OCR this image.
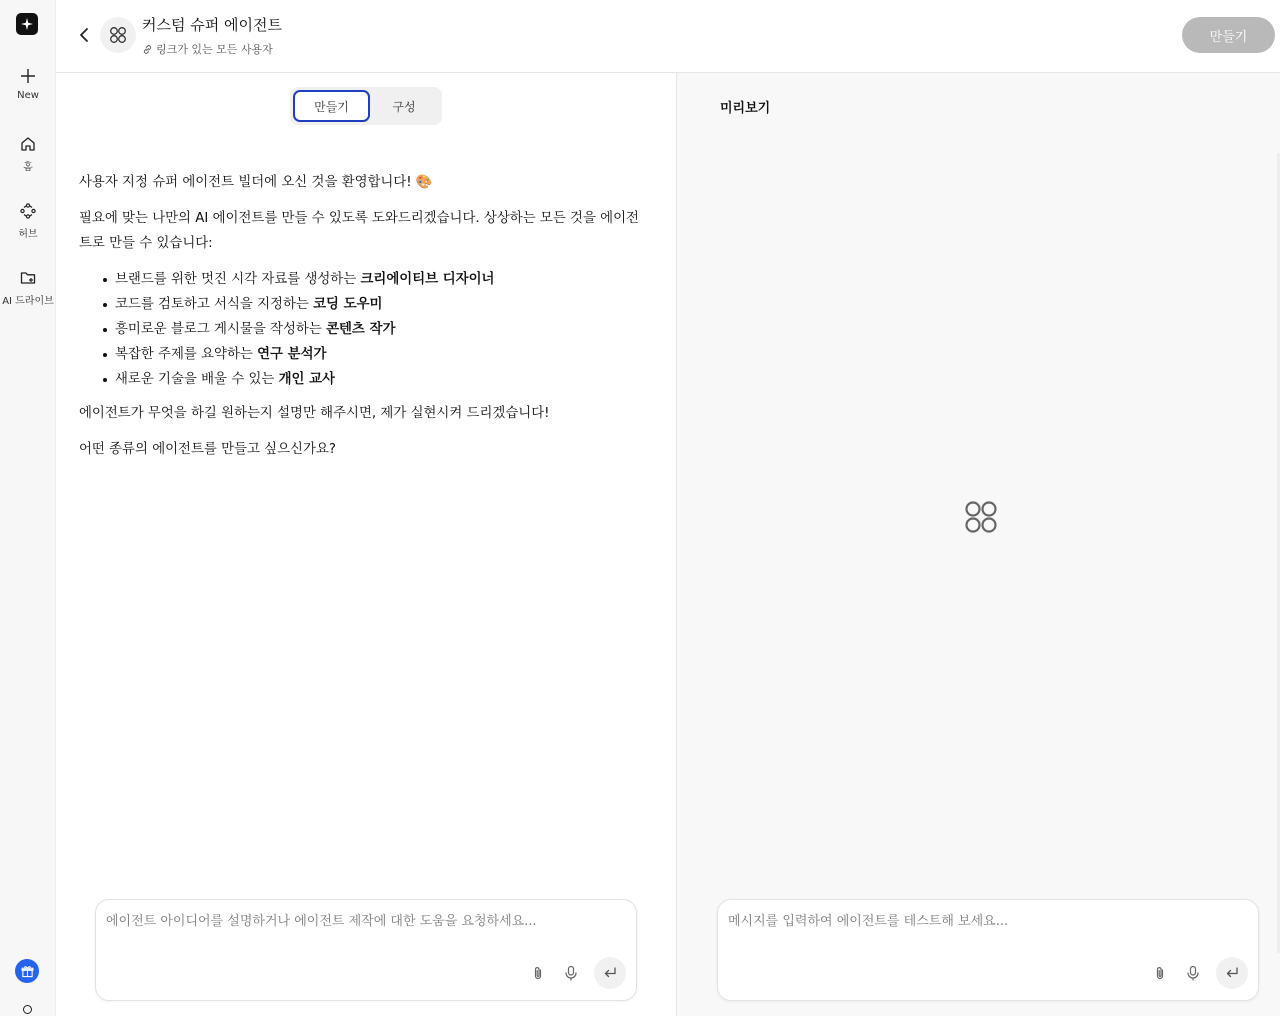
New
홈
허브
AI 드라이브
커스텀 슈퍼 에이전트
링크가 있는 모든 사용자
만들기
만들기	구성

사용자 지정 슈퍼 에이전트 빌더에 오신 것을 환영합니다! 🎨

필요에 맞는 나만의 AI 에이전트를 만들 수 있도록 도와드리겠습니다. 상상하는 모든 것을 에이전트로 만들 수 있습니다:

브랜드를 위한 멋진 시각 자료를 생성하는 크리에이티브 디자이너
코드를 검토하고 서식을 지정하는 코딩 도우미
흥미로운 블로그 게시물을 작성하는 콘텐츠 작가
복잡한 주제를 요약하는 연구 분석가
새로운 기술을 배울 수 있는 개인 교사

에이전트가 무엇을 하길 원하는지 설명만 해주시면, 제가 실현시켜 드리겠습니다!

어떤 종류의 에이전트를 만들고 싶으신가요?

에이전트 아이디어를 설명하거나 에이전트 제작에 대한 도움을 요청하세요...
미리보기
메시지를 입력하여 에이전트를 테스트해 보세요...
